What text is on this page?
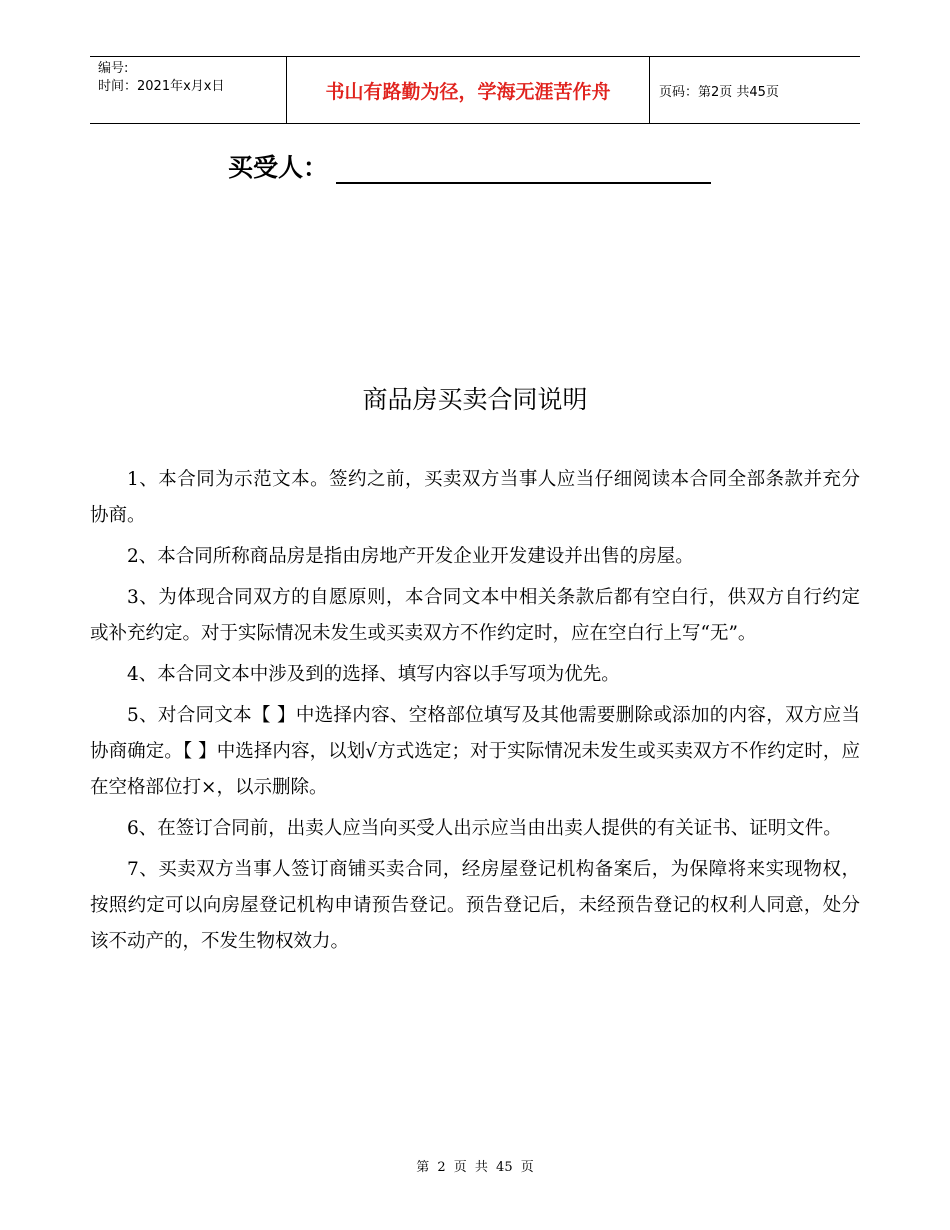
编号:
时间：2021年x月x日	书山有路勤为径，学海无涯苦作舟	页码：第2页 共45页
买受人：
商品房买卖合同说明

1、本合同为示范文本。签约之前，买卖双方当事人应当仔细阅读本合同全部条款并充分协商。

2、本合同所称商品房是指由房地产开发企业开发建设并出售的房屋。

3、为体现合同双方的自愿原则，本合同文本中相关条款后都有空白行，供双方自行约定或补充约定。对于实际情况未发生或买卖双方不作约定时，应在空白行上写“无”。

4、本合同文本中涉及到的选择、填写内容以手写项为优先。

5、对合同文本【 】中选择内容、空格部位填写及其他需要删除或添加的内容，双方应当协商确定。【 】中选择内容，以划√方式选定；对于实际情况未发生或买卖双方不作约定时，应在空格部位打×，以示删除。

6、在签订合同前，出卖人应当向买受人出示应当由出卖人提供的有关证书、证明文件。

7、买卖双方当事人签订商铺买卖合同，经房屋登记机构备案后，为保障将来实现物权，按照约定可以向房屋登记机构申请预告登记。预告登记后，未经预告登记的权利人同意，处分该不动产的，不发生物权效力。

第 2 页 共 45 页
